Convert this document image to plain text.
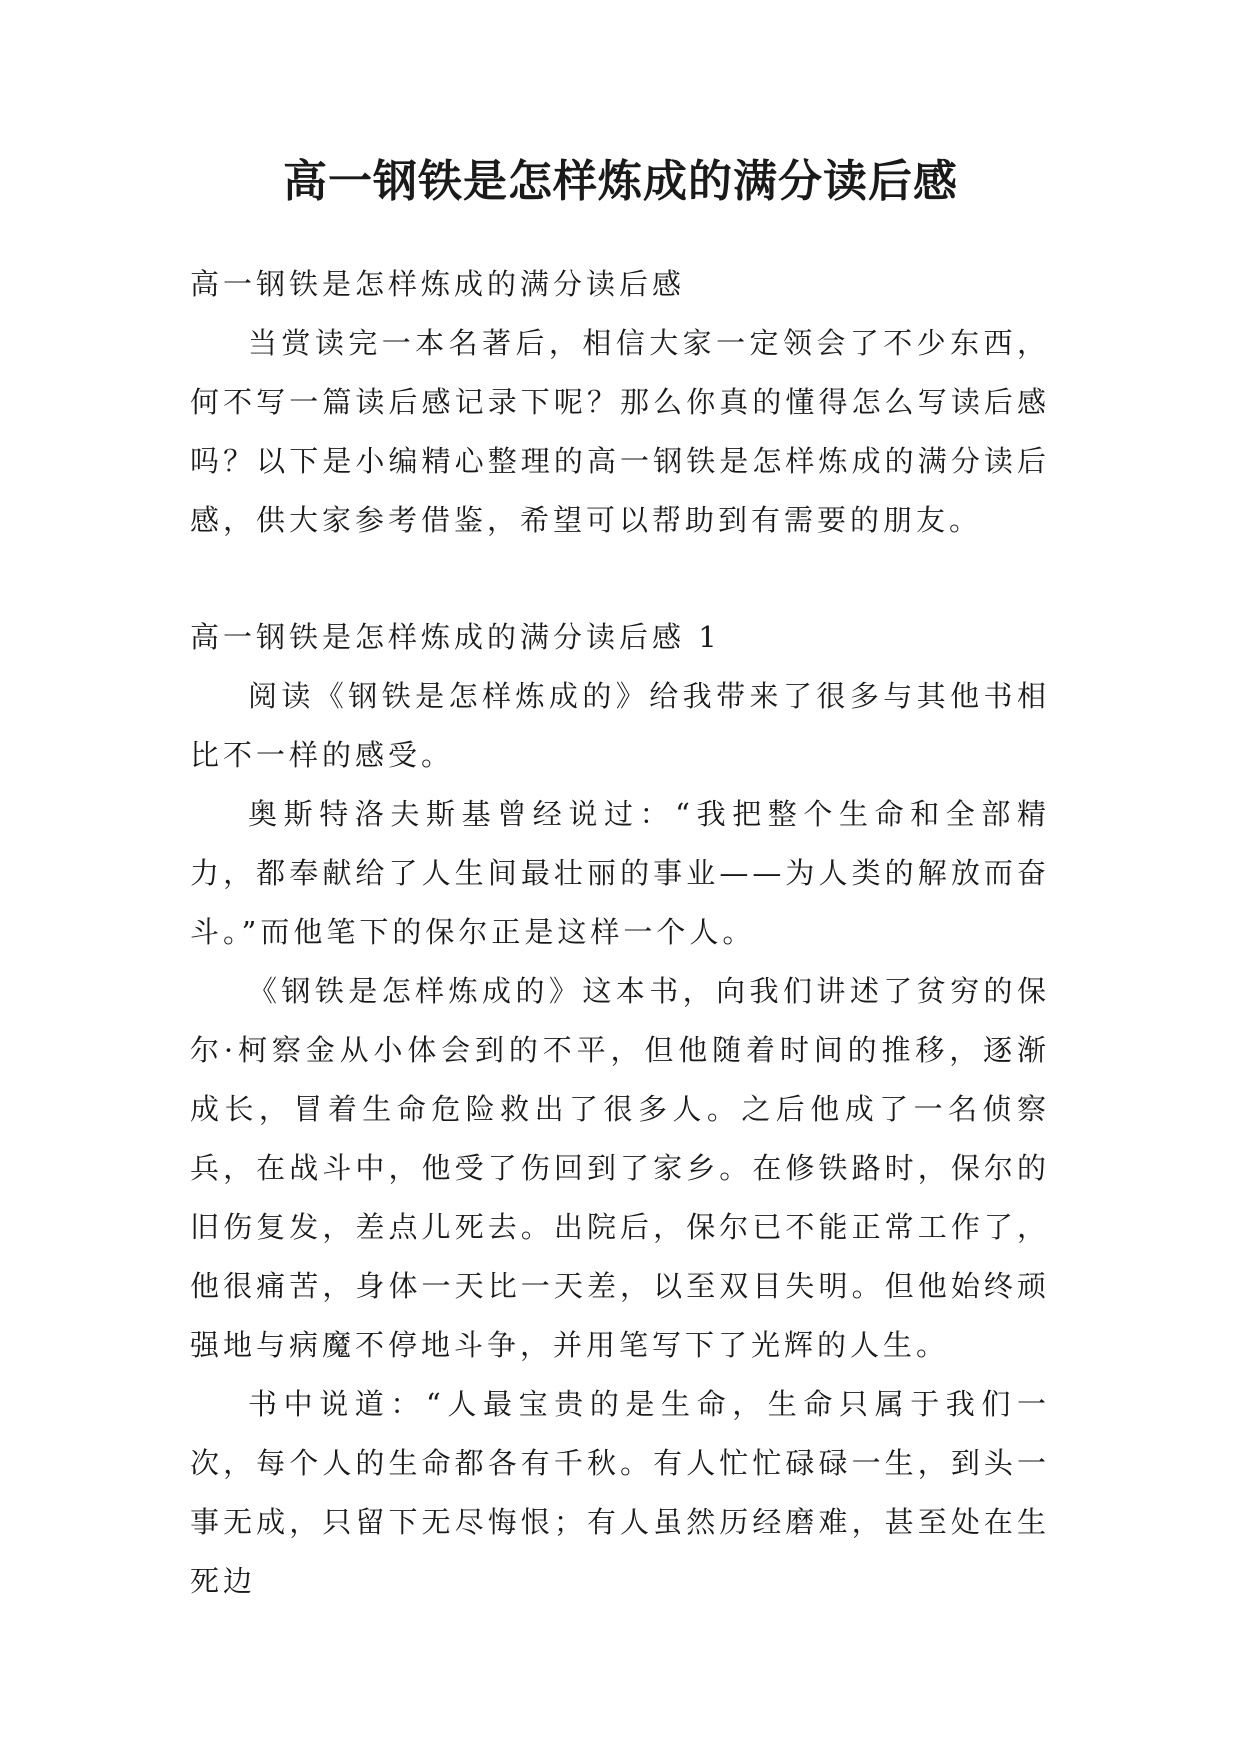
高一钢铁是怎样炼成的满分读后感

高一钢铁是怎样炼成的满分读后感

当赏读完一本名著后，相信大家一定领会了不少东西，何不写一篇读后感记录下呢？那么你真的懂得怎么写读后感吗？以下是小编精心整理的高一钢铁是怎样炼成的满分读后感，供大家参考借鉴，希望可以帮助到有需要的朋友。

高一钢铁是怎样炼成的满分读后感 1

阅读《钢铁是怎样炼成的》给我带来了很多与其他书相比不一样的感受。

奥斯特洛夫斯基曾经说过：“我把整个生命和全部精力，都奉献给了人生间最壮丽的事业——为人类的解放而奋斗。”而他笔下的保尔正是这样一个人。

《钢铁是怎样炼成的》这本书，向我们讲述了贫穷的保尔·柯察金从小体会到的不平，但他随着时间的推移，逐渐成长，冒着生命危险救出了很多人。之后他成了一名侦察兵，在战斗中，他受了伤回到了家乡。在修铁路时，保尔的旧伤复发，差点儿死去。出院后，保尔已不能正常工作了，他很痛苦，身体一天比一天差，以至双目失明。但他始终顽强地与病魔不停地斗争，并用笔写下了光辉的人生。

书中说道：“人最宝贵的是生命，生命只属于我们一次，每个人的生命都各有千秋。有人忙忙碌碌一生，到头一事无成，只留下无尽悔恨；有人虽然历经磨难，甚至处在生死边
